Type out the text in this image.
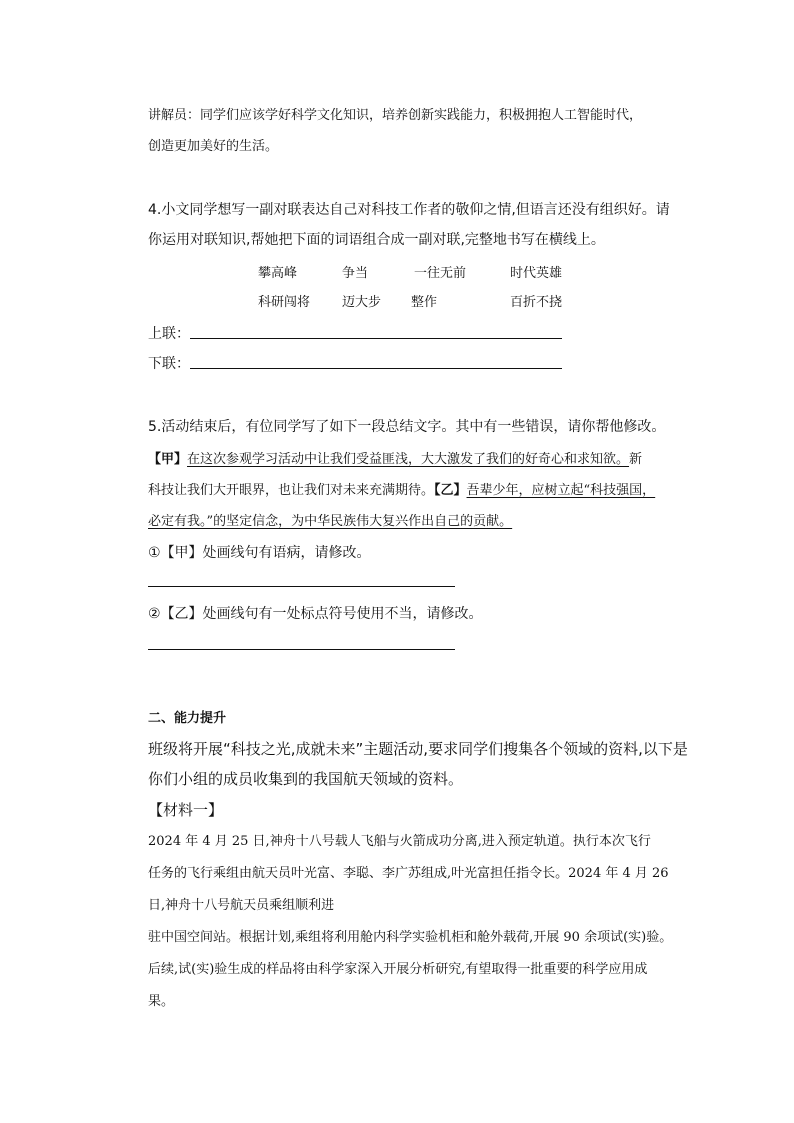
讲解员：同学们应该学好科学文化知识，培养创新实践能力，积极拥抱人工智能时代，
创造更加美好的生活。
4.小文同学想写一副对联表达自己对科技工作者的敬仰之情,但语言还没有组织好。请
你运用对联知识,帮她把下面的词语组合成一副对联,完整地书写在横线上。
攀高峰	争当	一往无前	时代英雄
科研闯将 迈大步 整作	百折不挠
上联：
下联：
5.活动结束后，有位同学写了如下一段总结文字。其中有一些错误，请你帮他修改。
【甲】在这次参观学习活动中让我们受益匪浅，大大激发了我们的好奇心和求知欲。新
科技让我们大开眼界，也让我们对未来充满期待。【乙】吾辈少年，应树立起“科技强国，
必定有我。”的坚定信念，为中华民族伟大复兴作出自己的贡献。
①【甲】处画线句有语病，请修改。
②【乙】处画线句有一处标点符号使用不当，请修改。
二、能力提升
班级将开展“科技之光,成就未来”主题活动,要求同学们搜集各个领域的资料,以下是
你们小组的成员收集到的我国航天领域的资料。
【材料一】
2024 年 4 月 25 日,神舟十八号载人飞船与火箭成功分离,进入预定轨道。执行本次飞行
任务的飞行乘组由航天员叶光富、李聪、李广苏组成,叶光富担任指令长。2024 年 4 月 26
日,神舟十八号航天员乘组顺利进
驻中国空间站。根据计划,乘组将利用舱内科学实验机柜和舱外载荷,开展 90 余项试(实)验。
后续,试(实)验生成的样品将由科学家深入开展分析研究,有望取得一批重要的科学应用成
果。
